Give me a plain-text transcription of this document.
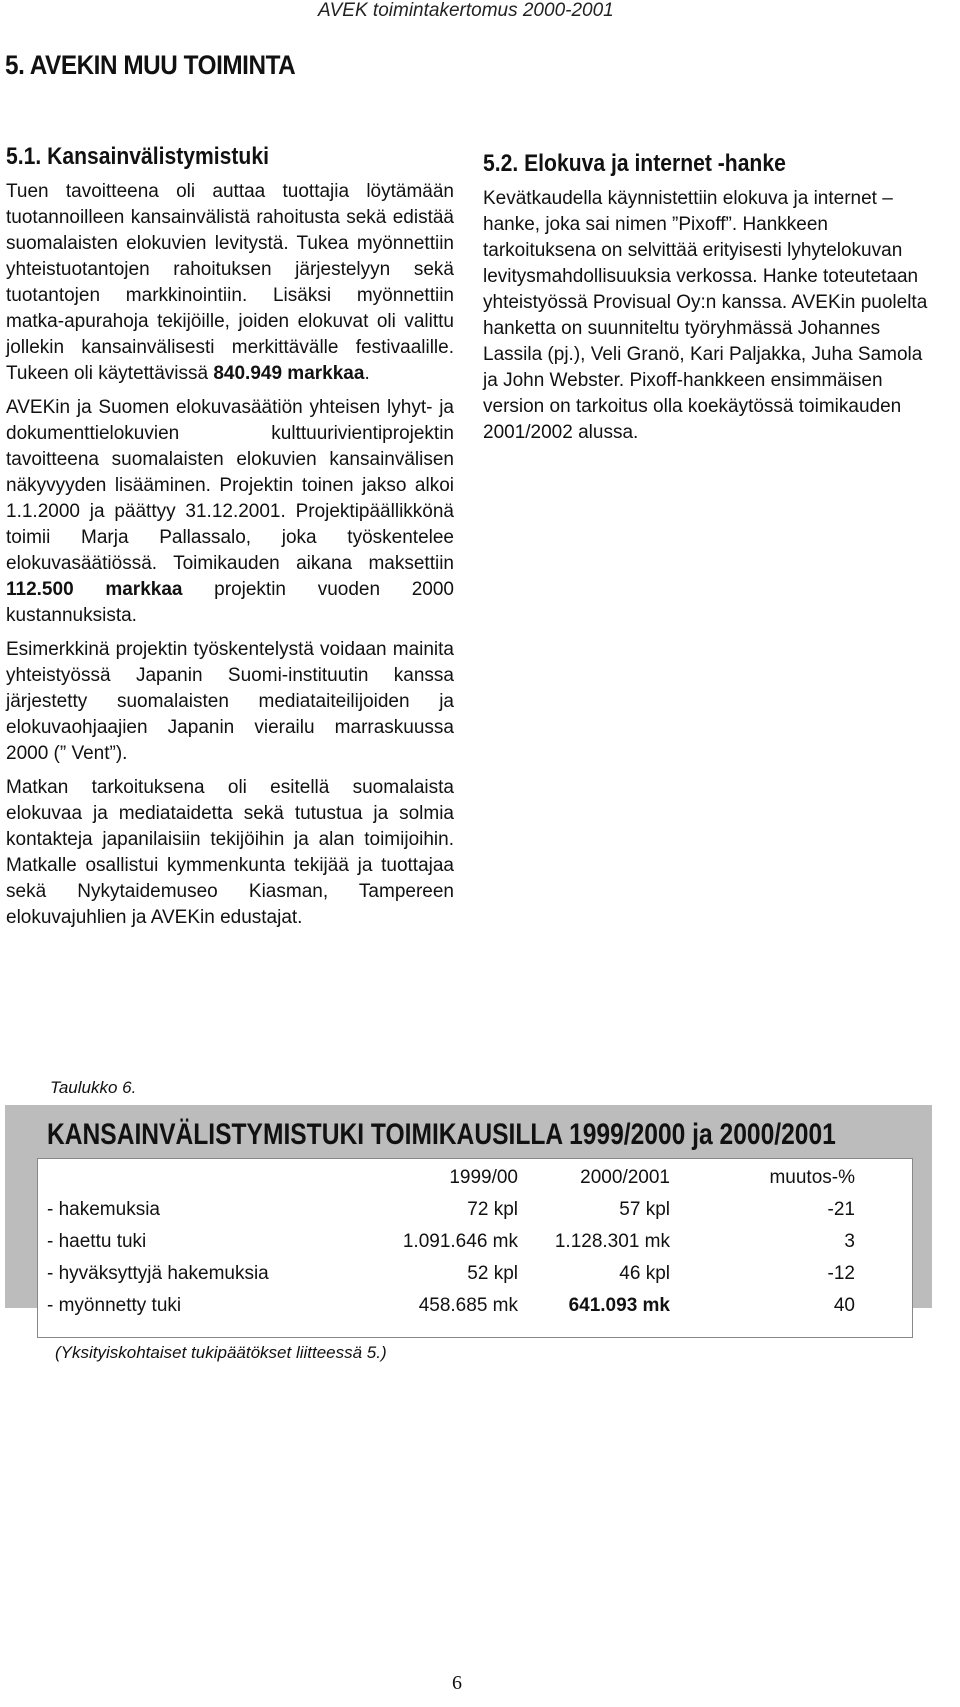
AVEK toimintakertomus 2000-2001
5. AVEKIN MUU TOIMINTA
5.1. Kansainvälistymistuki

Tuen tavoitteena oli auttaa tuottajia löytämään tuotannoilleen kansainvälistä rahoitusta sekä edistää suomalaisten elokuvien levitystä. Tukea myönnettiin yhteistuotantojen rahoituksen järjestelyyn sekä tuotantojen markkinointiin. Lisäksi myönnettiin matka-apurahoja tekijöille, joiden elokuvat oli valittu jollekin kansainvälisesti merkittävälle festivaalille. Tukeen oli käytettävissä 840.949 markkaa.

AVEKin ja Suomen elokuvasäätiön yhteisen lyhyt- ja dokumenttielokuvien kulttuurivientiprojektin tavoitteena suomalaisten elokuvien kansainvälisen näkyvyyden lisääminen. Projektin toinen jakso alkoi 1.1.2000 ja päättyy 31.12.2001. Projektipäällikkönä toimii Marja Pallassalo, joka työskentelee elokuvasäätiössä. Toimikauden aikana maksettiin 112.500 markkaa projektin vuoden 2000 kustannuksista.

Esimerkkinä projektin työskentelystä voidaan mainita yhteistyössä Japanin Suomi-instituutin kanssa järjestetty suomalaisten mediataiteilijoiden ja elokuvaohjaajien Japanin vierailu marraskuussa 2000 (” Vent”).

Matkan tarkoituksena oli esitellä suomalaista elokuvaa ja mediataidetta sekä tutustua ja solmia kontakteja japanilaisiin tekijöihin ja alan toimijoihin. Matkalle osallistui kymmenkunta tekijää ja tuottajaa sekä Nykytaidemuseo Kiasman, Tampereen elokuvajuhlien ja AVEKin edustajat.

5.2. Elokuva ja internet -hanke

Kevätkaudella käynnistettiin elokuva ja internet –hanke, joka sai nimen ”Pixoff”. Hankkeen tarkoituksena on selvittää erityisesti lyhytelokuvan levitysmahdollisuuksia verkossa. Hanke toteutetaan yhteistyössä Provisual Oy:n kanssa. AVEKin puolelta hanketta on suunniteltu työryhmässä Johannes Lassila (pj.), Veli Granö, Kari Paljakka, Juha Samola ja John Webster. Pixoff-hankkeen ensimmäisen version on tarkoitus olla koekäytössä toimikauden 2001/2002 alussa.

Taulukko 6.
KANSAINVÄLISTYMISTUKI TOIMIKAUSILLA 1999/2000 ja 2000/2001
	1999/00	2000/2001	muutos-%
- hakemuksia	72 kpl	57 kpl	-21
- haettu tuki	1.091.646 mk	1.128.301 mk	3
- hyväksyttyjä hakemuksia	52 kpl	46 kpl	-12
- myönnetty tuki	458.685 mk	641.093 mk	40
(Yksityiskohtaiset tukipäätökset liitteessä 5.)
6
